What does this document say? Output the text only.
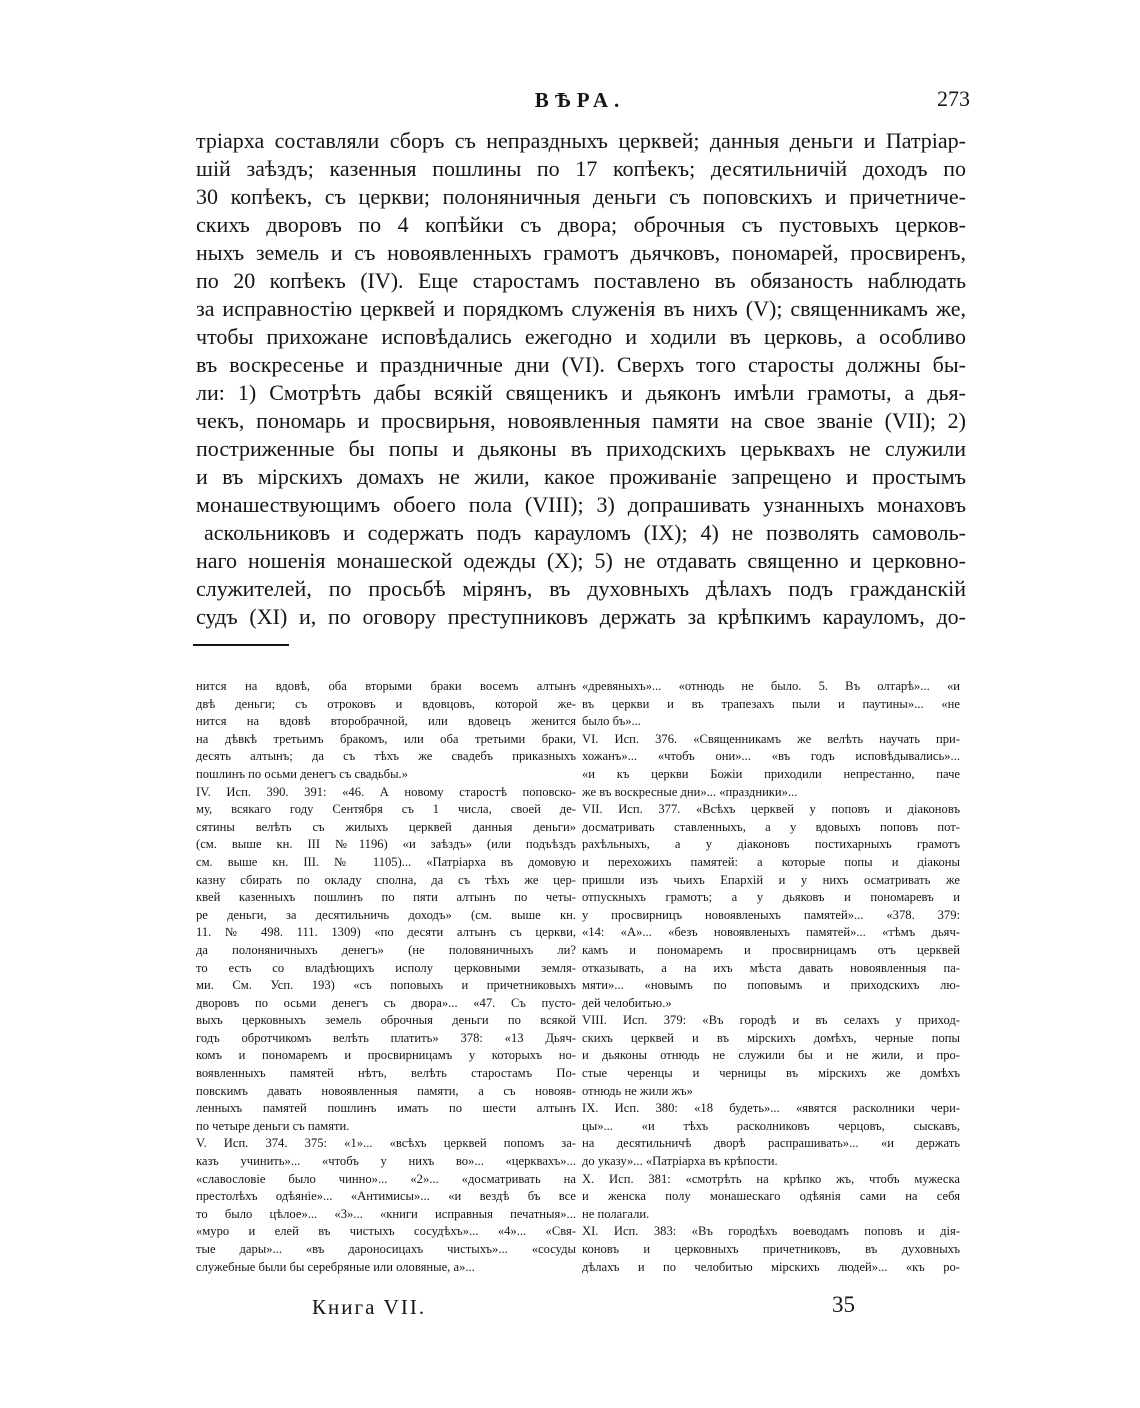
ВѢРА.	273
тріарха составляли сборъ съ непраздныхъ церквей; данныя деньги и Патріар-
шій заѣздъ; казенныя пошлины по 17 копѣекъ; десятильничій доходъ по
30 копѣекъ, съ церкви; полоняничныя деньги съ поповскихъ и причетниче-
скихъ дворовъ по 4 копѣйки съ двора; оброчныя съ пустовыхъ церков-
ныхъ земель и съ новоявленныхъ грамотъ дьячковъ, пономарей, просвиренъ,
по 20 копѣекъ (IV). Еще старостамъ поставлено въ обязаность наблюдать
за исправностію церквей и порядкомъ служенія въ нихъ (V); священникамъ же,
чтобы прихожане исповѣдались ежегодно и ходили въ церковь, а особливо
въ воскресенье и праздничные дни (VI). Сверхъ того старосты должны бы-
ли: 1) Смотрѣть дабы всякій священикъ и дьяконъ имѣли грамоты, а дья-
чекъ, пономарь и просвирьня, новоявленныя памяти на свое званіе (VII); 2)
постриженные бы попы и дьяконы въ приходскихъ церьквахъ не служили
и въ мірскихъ домахъ не жили, какое проживаніе запрещено и простымъ
монашествующимъ обоего пола (VIII); 3) допрашивать узнанныхъ монаховъ
аскольниковъ и содержать подъ карауломъ (IX); 4) не позволять самоволь-
наго ношенія монашеской одежды (X); 5) не отдавать священно и церковно-
служителей, по просьбѣ мірянъ, въ духовныхъ дѣлахъ подъ гражданскій
судъ (XI) и, по оговору преступниковъ держать за крѣпкимъ карауломъ, до-
нится на вдовѣ, оба вторыми браки восемъ алтынъ
двѣ деньги; съ отроковъ и вдовцовъ, которой же-
нится на вдовѣ второбрачной, или вдовецъ женится
на дѣвкѣ третьимъ бракомъ, или оба третьими браки,
десять алтынъ; да съ тѣхъ же свадебъ приказныхъ
пошлинъ по осьми денегъ съ свадьбы.»
IV. Исп. 390. 391: «46. А новому старостѣ поповско-
му, всякаго году Сентября съ 1 числа, своей де-
сятины велѣть съ жилыхъ церквей данныя деньги»
(см. выше кн. III №1196) «и заѣздъ» (или подъѣздъ
см. выше кн. III. № 1105)... «Патріарха въ домовую
казну сбирать по окладу сполна, да съ тѣхъ же цер-
квей казенныхъ пошлинъ по пяти алтынъ по четы-
ре деньги, за десятильничь доходъ» (см. выше кн.
11. № 498. 111. 1309) «по десяти алтынъ съ церкви,
да полоняничныхъ денегъ» (не половяничныхъ ли?
то есть со владѣющихъ исполу церковными земля-
ми. См. Усп. 193) «съ поповыхъ и причетниковыхъ
дворовъ по осьми денегъ съ двора»... «47. Съ пусто-
выхъ церковныхъ земель оброчныя деньги по всякой
годъ обротчикомъ велѣть платить» 378: «13 Дьяч-
комъ и пономаремъ и просвирницамъ у которыхъ но-
воявленныхъ памятей нѣтъ, велѣть старостамъ По-
повскимъ давать новоявленныя памяти, а съ новояв-
ленныхъ памятей пошлинъ имать по шести алтынъ
по четыре деньги съ памяти.
V. Исп. 374. 375: «1»... «всѣхъ церквей попомъ за-
казъ учинить»... «чтобъ у нихъ во»... «церквахъ»...
«славословіе было чинно»... «2»... «досматривать на
престолѣхъ одѣяніе»... «Антимисы»... «и вездѣ бъ все
то было цѣлое»... «3»... «книги исправныя печатныя»...
«муро и елей въ чистыхъ сосудѣхъ»... «4»... «Свя-
тые дары»... «въ дароносицахъ чистыхъ»... «сосуды
служебные были бы серебряные или оловяные, а»...
«древяныхъ»... «отнюдь не было. 5. Въ олтарѣ»... «и
въ церкви и въ трапезахъ пыли и паутины»... «не
было бъ»...
VI. Исп. 376. «Священникамъ же велѣть научать при-
хожанъ»... «чтобъ они»... «въ годъ исповѣдывались»...
«и къ церкви Божіи приходили непрестанно, паче
же въ воскресные дни»... «праздники»...
VII. Исп. 377. «Всѣхъ церквей у поповъ и діаконовъ
досматривать ставленныхъ, а у вдовыхъ поповъ пот-
рахѣльныхъ, а у діаконовъ постихарныхъ грамотъ
и перехожихъ памятей: а которые попы и діаконы
пришли изъ чьихъ Епархій и у нихъ осматривать же
отпускныхъ грамотъ; а у дьяковъ и пономаревъ и
у просвирницъ новоявленыхъ памятей»... «378. 379:
«14: «А»... «безъ новоявленыхъ памятей»... «тѣмъ дьяч-
камъ и пономаремъ и просвирницамъ отъ церквей
отказывать, а на ихъ мѣста давать новоявленныя па-
мяти»... «новымъ по поповымъ и приходскихъ лю-
дей челобитью.»
VIII. Исп. 379: «Въ городѣ и въ селахъ у приход-
скихъ церквей и въ мірскихъ домѣхъ, черные попы
и дьяконы отнюдь не служили бы и не жили, и про-
стые черенцы и черницы въ мірскихъ же домѣхъ
отнюдь не жили жъ»
IX. Исп. 380: «18 будеть»... «явятся расколники чери-
цы»... «и тѣхъ расколниковъ черцовъ, сыскавъ,
на десятильничѣ дворѣ распрашивать»... «и держать
до указу»... «Патріарха въ крѣпости.
X. Исп. 381: «смотрѣть на крѣпко жъ, чтобъ мужеска
и женска полу монашескаго одѣянія сами на себя
не полагали.
XI. Исп. 383: «Въ городѣхъ воеводамъ поповъ и дія-
коновъ и церковныхъ причетниковъ, въ духовныхъ
дѣлахъ и по челобитью мірскихъ людей»... «къ ро-
Книга VII.	35
